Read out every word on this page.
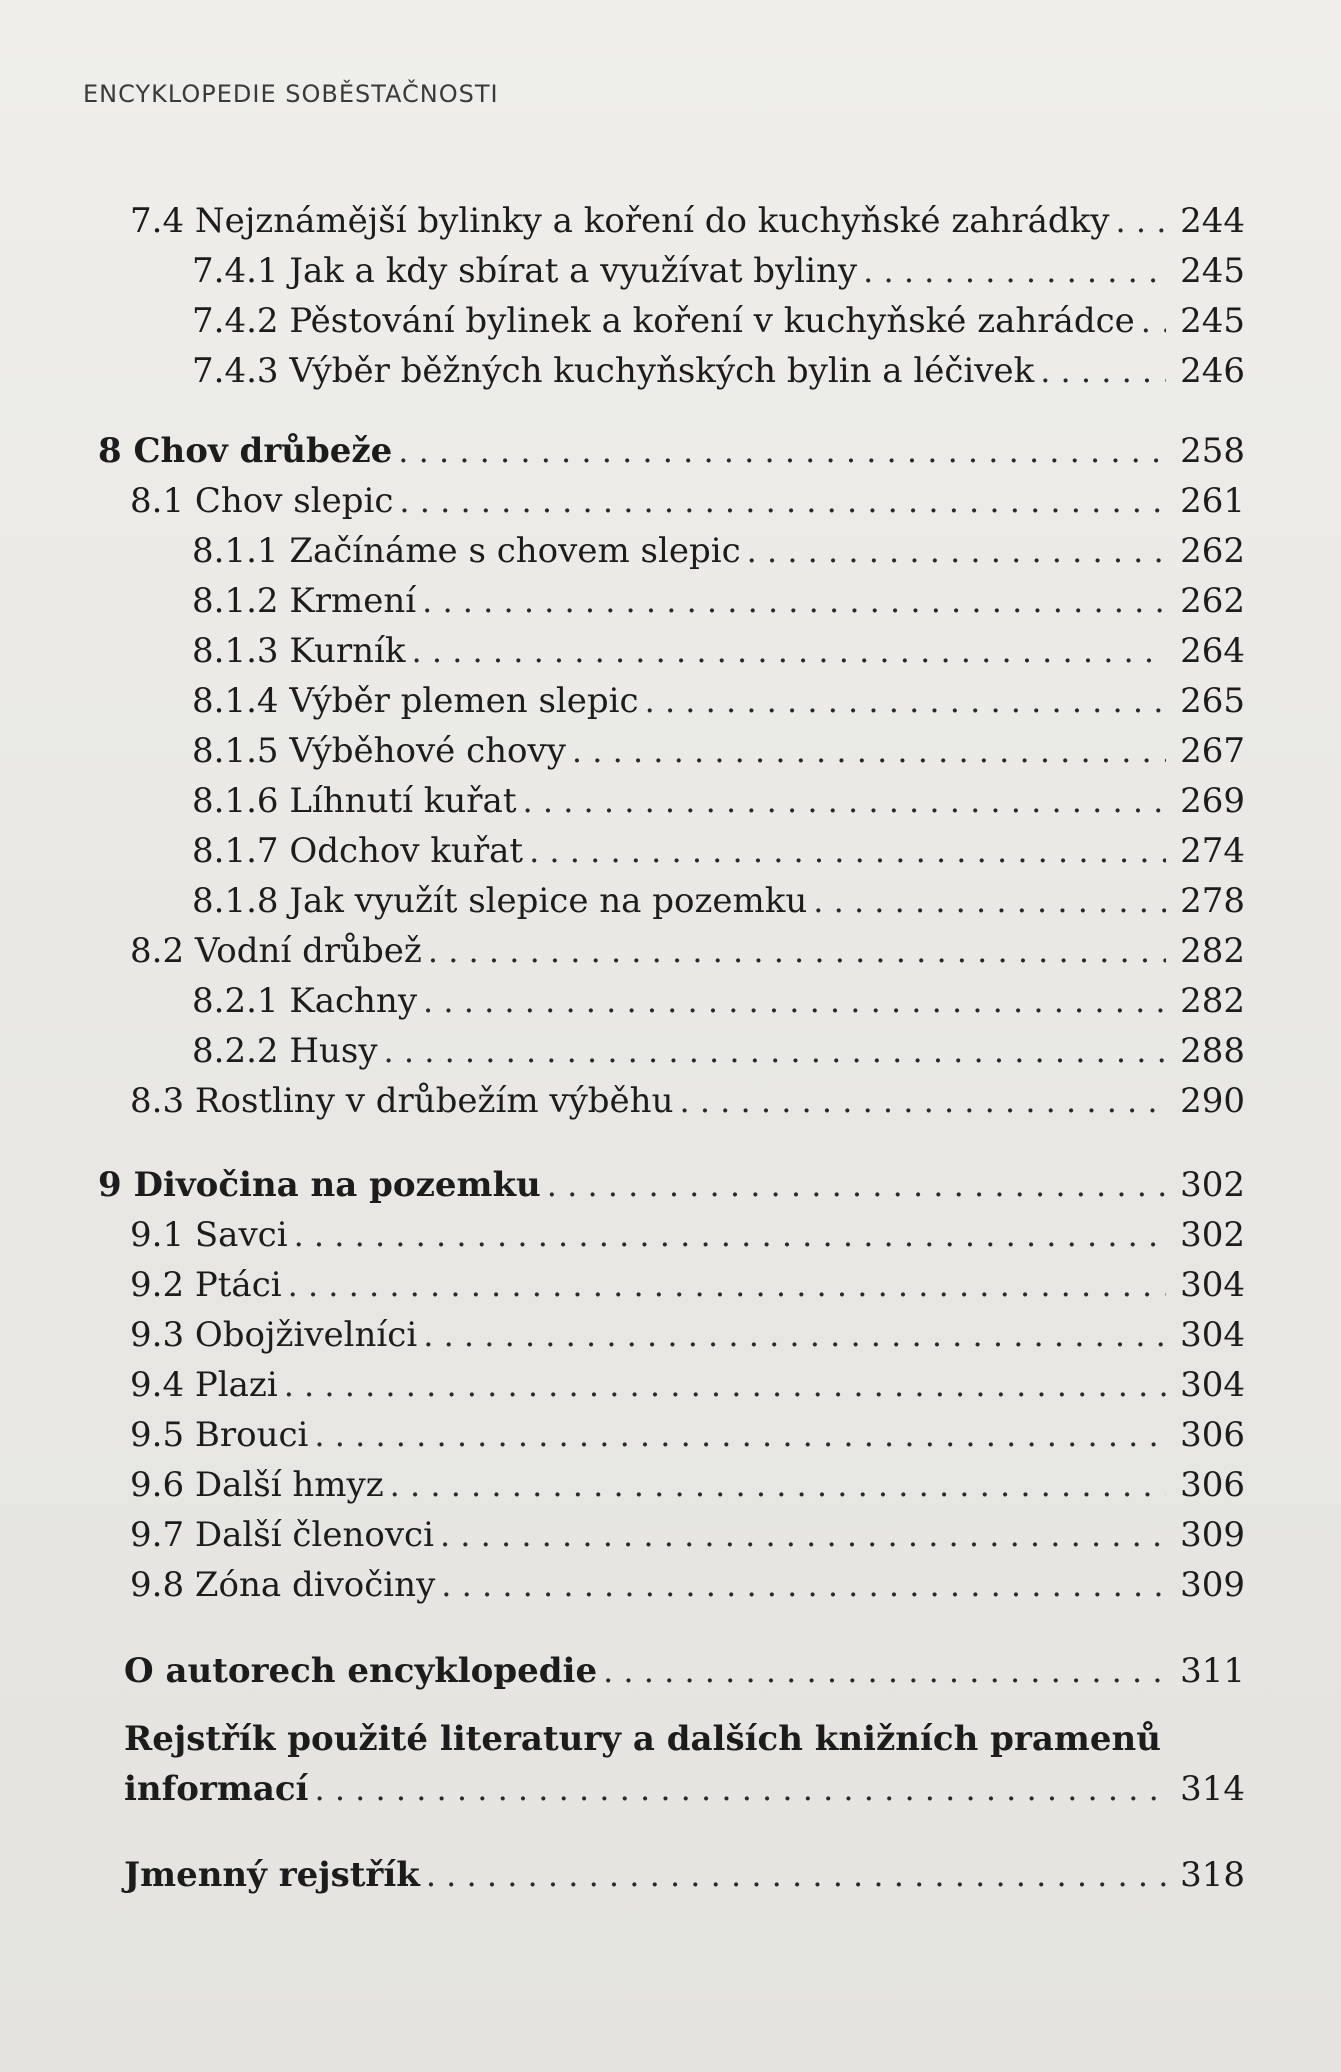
ENCYKLOPEDIE SOBĚSTAČNOSTI
7.4 Nejznámější bylinky a koření do kuchyňské zahrádky . . .	244
7.4.1 Jak a kdy sbírat a využívat byliny . . .	245
7.4.2 Pěstování bylinek a koření v kuchyňské zahrádce . . .	245
7.4.3 Výběr běžných kuchyňských bylin a léčivek . . .	246
8 Chov drůbeže . . .	258
8.1 Chov slepic . . .	261
8.1.1 Začínáme s chovem slepic . . .	262
8.1.2 Krmení . . .	262
8.1.3 Kurník . . .	264
8.1.4 Výběr plemen slepic . . .	265
8.1.5 Výběhové chovy . . .	267
8.1.6 Líhnutí kuřat . . .	269
8.1.7 Odchov kuřat . . .	274
8.1.8 Jak využít slepice na pozemku . . .	278
8.2 Vodní drůbež . . .	282
8.2.1 Kachny . . .	282
8.2.2 Husy . . .	288
8.3 Rostliny v drůbežím výběhu . . .	290
9 Divočina na pozemku . . .	302
9.1 Savci . . .	302
9.2 Ptáci . . .	304
9.3 Obojživelníci . . .	304
9.4 Plazi . . .	304
9.5 Brouci . . .	306
9.6 Další hmyz . . .	306
9.7 Další členovci . . .	309
9.8 Zóna divočiny . . .	309
O autorech encyklopedie . . .	311
Rejstřík použité literatury a dalších knižních pramenů
informací . . .	314
Jmenný rejstřík . . .	318
